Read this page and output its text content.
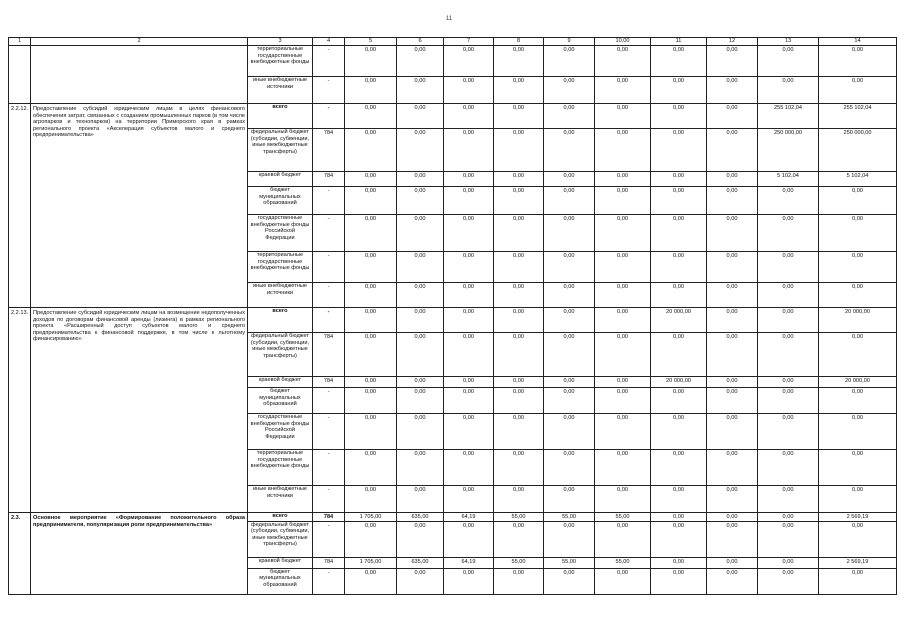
11
1	2	3	4	5	6	7	8	9	10,00	11	12	13	14
		территориальные государственные внебюджетные фонды	-	0,00	0,00	0,00	0,00	0,00	0,00	0,00	0,00	0,00	0,00
		иные внебюджетные источники	-	0,00	0,00	0,00	0,00	0,00	0,00	0,00	0,00	0,00	0,00
2.2.12.	Предоставление субсидий юридическим лицам в целях финансового обеспечения затрат, связанных с созданием промышленных парков (в том числе агропарков и технопарков) на территории Приморского края в рамках регионального проекта «Акселерация субъектов малого и среднего предпринимательства»	всего	-	0,00	0,00	0,00	0,00	0,00	0,00	0,00	0,00	255 102,04	255 102,04
		федеральный бюджет (субсидии, субвенции, иные межбюджетные трансферты)	784	0,00	0,00	0,00	0,00	0,00	0,00	0,00	0,00	250 000,00	250 000,00
		краевой бюджет	784	0,00	0,00	0,00	0,00	0,00	0,00	0,00	0,00	5 102,04	5 102,04
		бюджет муниципальных образований	-	0,00	0,00	0,00	0,00	0,00	0,00	0,00	0,00	0,00	0,00
		государственные внебюджетные фонды Российской Федерации	-	0,00	0,00	0,00	0,00	0,00	0,00	0,00	0,00	0,00	0,00
		территориальные государственные внебюджетные фонды	-	0,00	0,00	0,00	0,00	0,00	0,00	0,00	0,00	0,00	0,00
		иные внебюджетные источники	-	0,00	0,00	0,00	0,00	0,00	0,00	0,00	0,00	0,00	0,00
2.2.13.	Предоставление субсидий юридическим лицам на возмещение недополученных доходов по договорам финансовой аренды (лизинга) в рамках регионального проекта «Расширенный доступ субъектов малого и среднего предпринимательства к финансовой поддержке, в том числе к льготному финансированию»	всего	-	0,00	0,00	0,00	0,00	0,00	0,00	20 000,00	0,00	0,00	20 000,00
		федеральный бюджет (субсидии, субвенции, иные межбюджетные трансферты)	784	0,00	0,00	0,00	0,00	0,00	0,00	0,00	0,00	0,00	0,00
		краевой бюджет	784	0,00	0,00	0,00	0,00	0,00	0,00	20 000,00	0,00	0,00	20 000,00
		бюджет муниципальных образований	-	0,00	0,00	0,00	0,00	0,00	0,00	0,00	0,00	0,00	0,00
		государственные внебюджетные фонды Российской Федерации	-	0,00	0,00	0,00	0,00	0,00	0,00	0,00	0,00	0,00	0,00
		территориальные государственные внебюджетные фонды	-	0,00	0,00	0,00	0,00	0,00	0,00	0,00	0,00	0,00	0,00
		иные внебюджетные источники	-	0,00	0,00	0,00	0,00	0,00	0,00	0,00	0,00	0,00	0,00
2.3.	Основное мероприятие «Формирование положительного образа предпринимателя, популяризация роли предпринимательства»	всего	784	1 705,00	635,00	64,19	55,00	55,00	55,00	0,00	0,00	0,00	2 569,19
		федеральный бюджет (субсидии, субвенции, иные межбюджетные трансферты)	-	0,00	0,00	0,00	0,00	0,00	0,00	0,00	0,00	0,00	0,00
		краевой бюджет	784	1 705,00	635,00	64,19	55,00	55,00	55,00	0,00	0,00	0,00	2 569,19
		бюджет муниципальных образований	-	0,00	0,00	0,00	0,00	0,00	0,00	0,00	0,00	0,00	0,00
